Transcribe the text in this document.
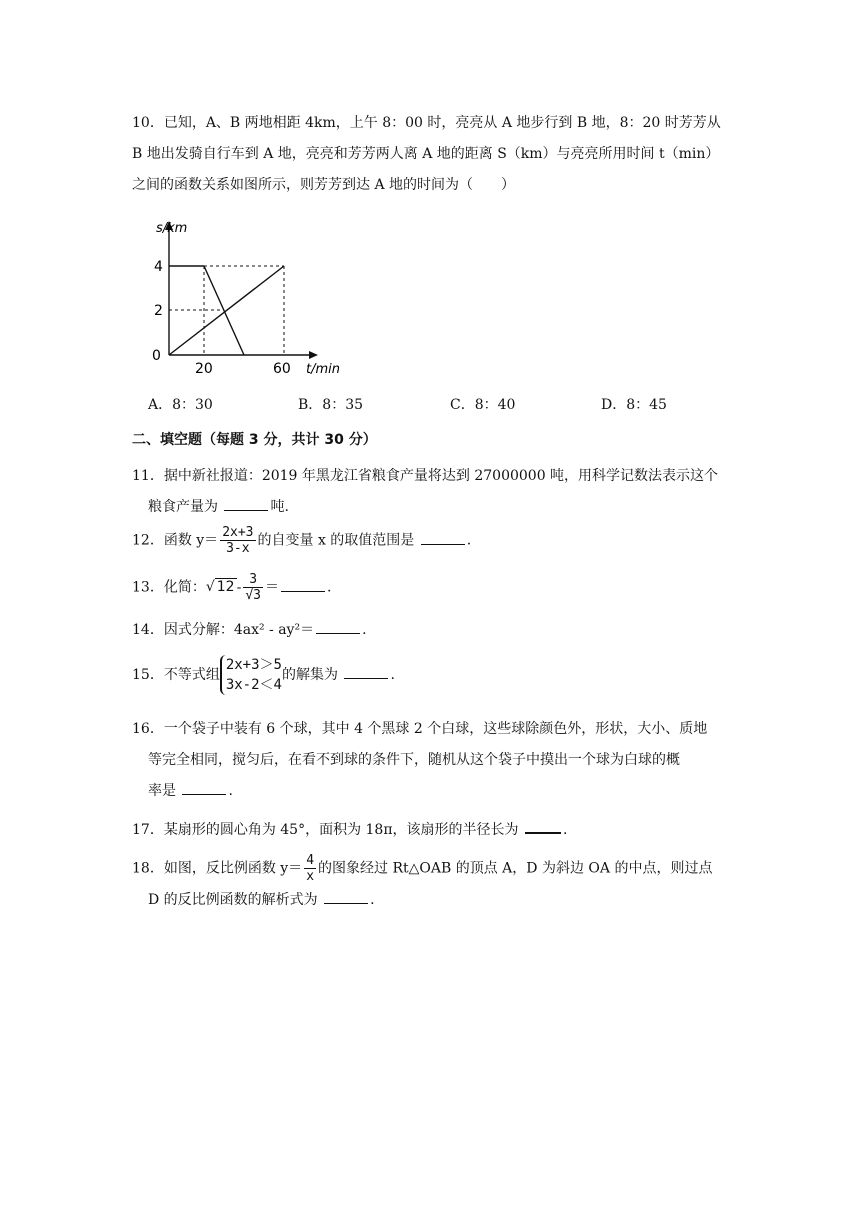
10．已知，A、B 两地相距 4km，上午 8：00 时，亮亮从 A 地步行到 B 地，8：20 时芳芳从
B 地出发骑自行车到 A 地，亮亮和芳芳两人离 A 地的距离 S（km）与亮亮所用时间 t（min）
之间的函数关系如图所示，则芳芳到达 A 地的时间为（　　）
s/km
4
2
0
20	60 t/min
A．8：30	B．8：35	C．8：40	D．8：45
二、填空题（每题 3 分，共计 30 分）
11．据中新社报道：2019 年黑龙江省粮食产量将达到 27000000 吨，用科学记数法表示这个
粮食产量为	吨.
12．函数 $y= \frac{2x+3}{3-x}$ 的自变量 x 的取值范围是	.
13．化简：√ $12 - \frac{3}{√3}$ ＝	.
14．因式分解：4ax² - ay²＝	.
15．不等式组
2x+3＞5
3x-2＜4
的解集为	.
16．一个袋子中装有 6 个球，其中 4 个黑球 2 个白球，这些球除颜色外，形状，大小、质地
等完全相同，搅匀后，在看不到球的条件下，随机从这个袋子中摸出一个球为白球的概
率是	.
17．某扇形的圆心角为 45°，面积为 18π，该扇形的半径长为	.
18．如图，反比例函数 $y= \frac{4}{x}$ 的图象经过 Rt△OAB 的顶点 A，D 为斜边 OA 的中点，则过点
D 的反比例函数的解析式为	.
